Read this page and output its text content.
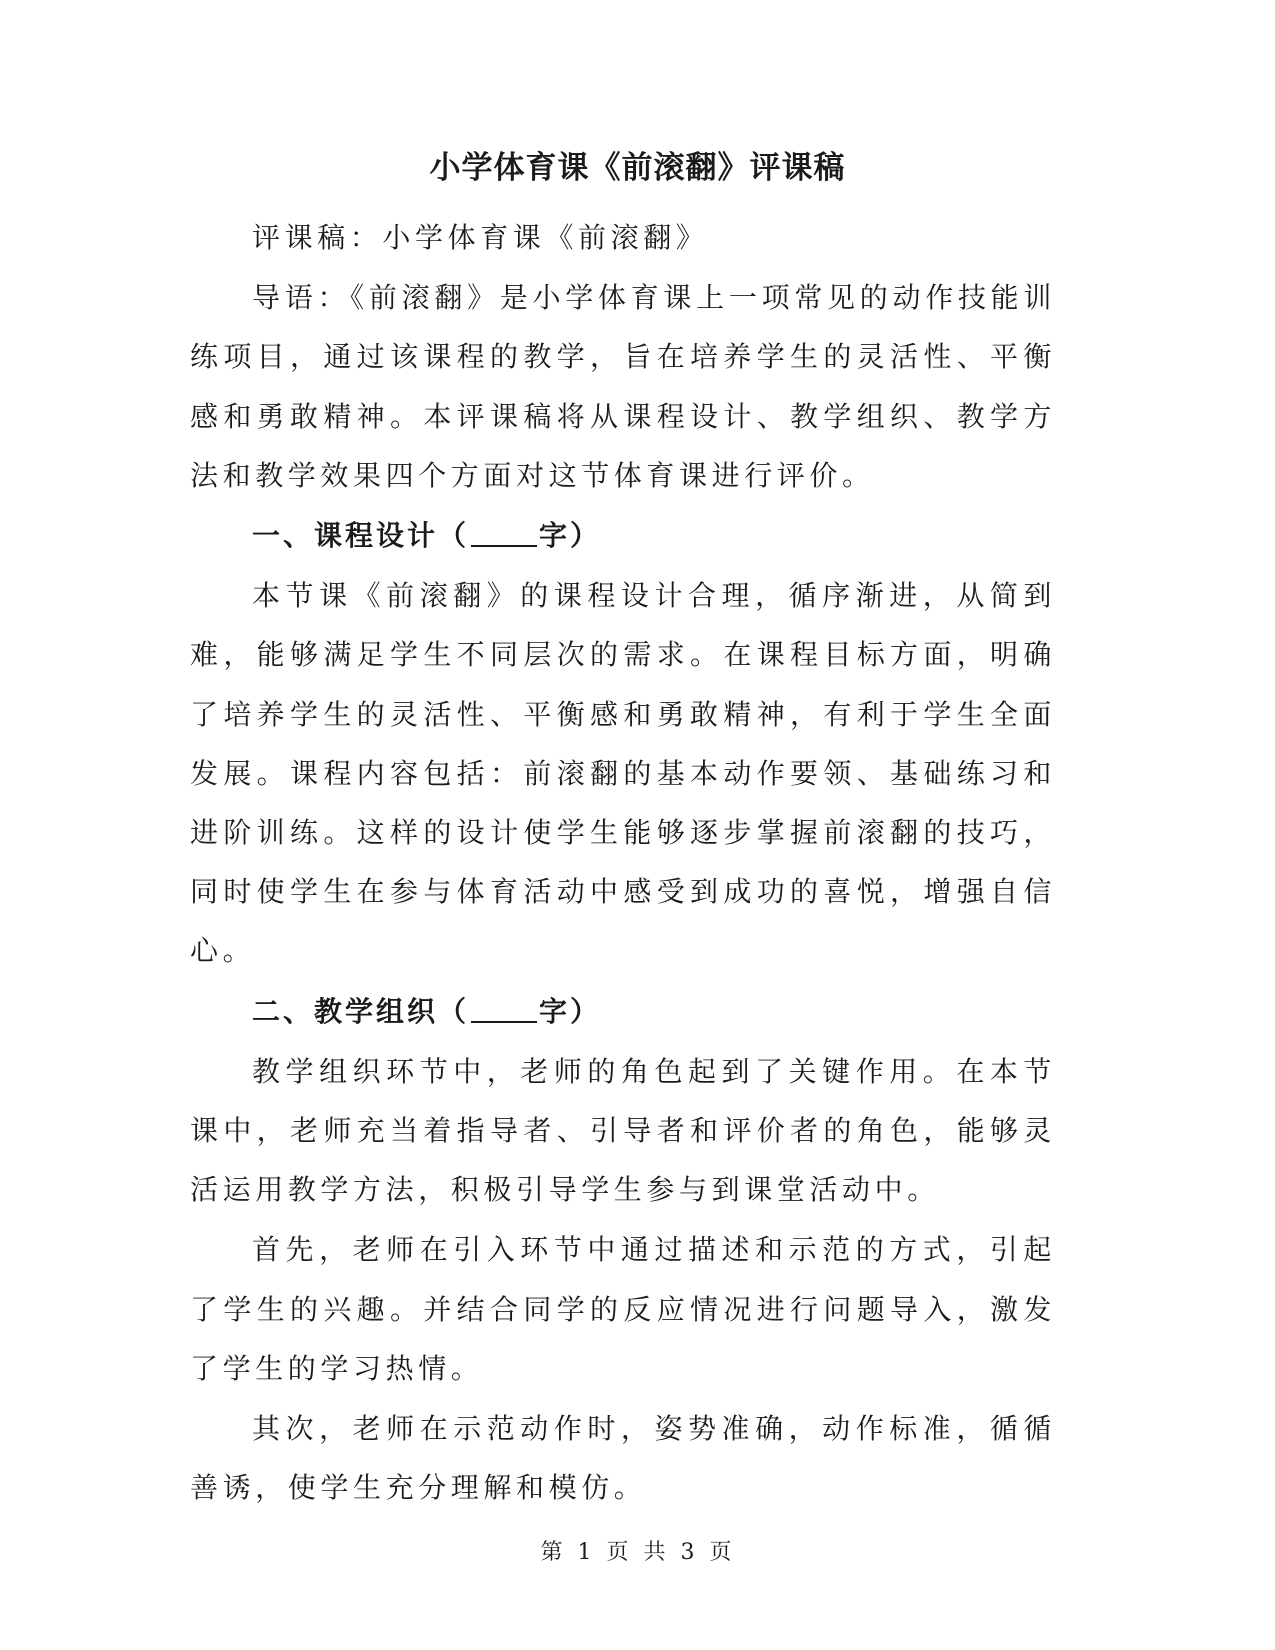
小学体育课《前滚翻》评课稿

评课稿：小学体育课《前滚翻》

导语：《前滚翻》是小学体育课上一项常见的动作技能训练项目，通过该课程的教学，旨在培养学生的灵活性、平衡感和勇敢精神。本评课稿将从课程设计、教学组织、教学方法和教学效果四个方面对这节体育课进行评价。

一、课程设计（	字）

本节课《前滚翻》的课程设计合理，循序渐进，从简到难，能够满足学生不同层次的需求。在课程目标方面，明确了培养学生的灵活性、平衡感和勇敢精神，有利于学生全面发展。课程内容包括：前滚翻的基本动作要领、基础练习和进阶训练。这样的设计使学生能够逐步掌握前滚翻的技巧，同时使学生在参与体育活动中感受到成功的喜悦，增强自信心。

二、教学组织（	字）

教学组织环节中，老师的角色起到了关键作用。在本节课中，老师充当着指导者、引导者和评价者的角色，能够灵活运用教学方法，积极引导学生参与到课堂活动中。

首先，老师在引入环节中通过描述和示范的方式，引起了学生的兴趣。并结合同学的反应情况进行问题导入，激发了学生的学习热情。

其次，老师在示范动作时，姿势准确，动作标准，循循善诱，使学生充分理解和模仿。

第 1 页 共 3 页
